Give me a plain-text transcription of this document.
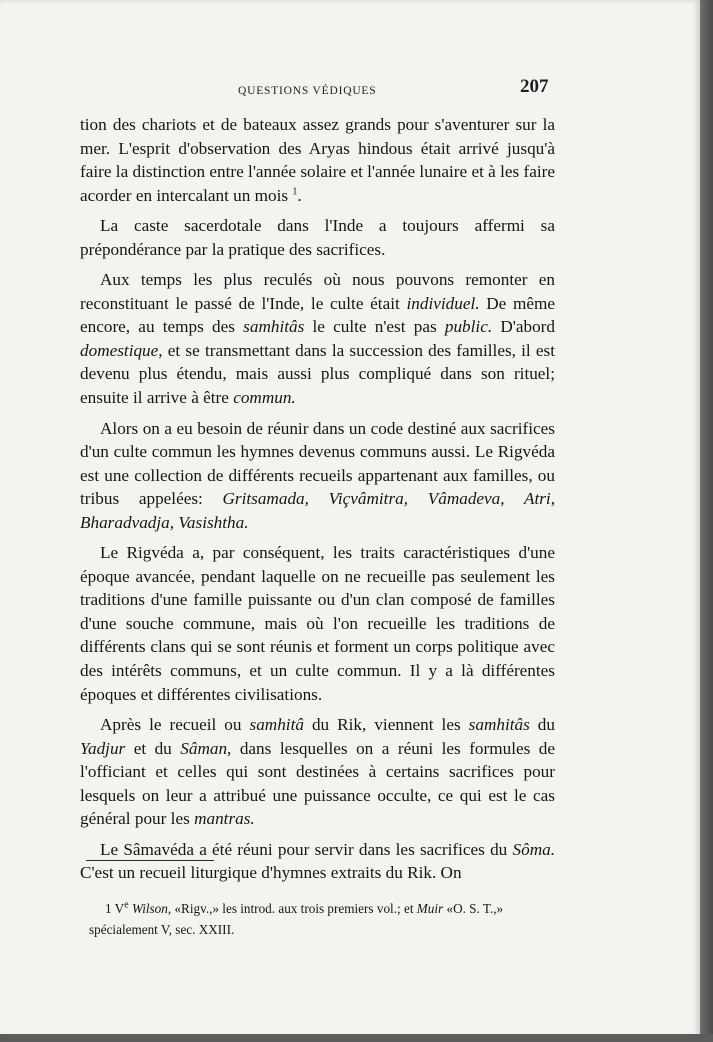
QUESTIONS VÉDIQUES	207

tion des chariots et de bateaux assez grands pour s'aventurer sur la mer. L'esprit d'observation des Aryas hindous était arrivé jusqu'à faire la distinction entre l'année solaire et l'année lunaire et à les faire acorder en intercalant un mois $^1$.

La caste sacerdotale dans l'Inde a toujours affermi sa prépondérance par la pratique des sacrifices.

Aux temps les plus reculés où nous pouvons remonter en reconstituant le passé de l'Inde, le culte était individuel. De même encore, au temps des samhitâs le culte n'est pas public. D'abord domestique, et se transmettant dans la succession des familles, il est devenu plus étendu, mais aussi plus compliqué dans son rituel; ensuite il arrive à être commun.

Alors on a eu besoin de réunir dans un code destiné aux sacrifices d'un culte commun les hymnes devenus communs aussi. Le Rigvéda est une collection de différents recueils appartenant aux familles, ou tribus appelées: Gritsamada, Viçvâmitra, Vâmadeva, Atri, Bharadvadja, Vasishtha.

Le Rigvéda a, par conséquent, les traits caractéristiques d'une époque avancée, pendant laquelle on ne recueille pas seulement les traditions d'une famille puissante ou d'un clan composé de familles d'une souche commune, mais où l'on recueille les traditions de différents clans qui se sont réunis et forment un corps politique avec des intérêts communs, et un culte commun. Il y a là différentes époques et différentes civilisations.

Après le recueil ou samhitâ du Rik, viennent les samhitâs du Yadjur et du Sâman, dans lesquelles on a réuni les formules de l'officiant et celles qui sont destinées à certains sacrifices pour lesquels on leur a attribué une puissance occulte, ce qui est le cas général pour les mantras.

Le Sâmavéda a été réuni pour servir dans les sacrifices du Sôma. C'est un recueil liturgique d'hymnes extraits du Rik. On

1 Ve Wilson, «Rigv.,» les introd. aux trois premiers vol.; et Muir «O. S. T.,» spécialement V, sec. XXIII.
